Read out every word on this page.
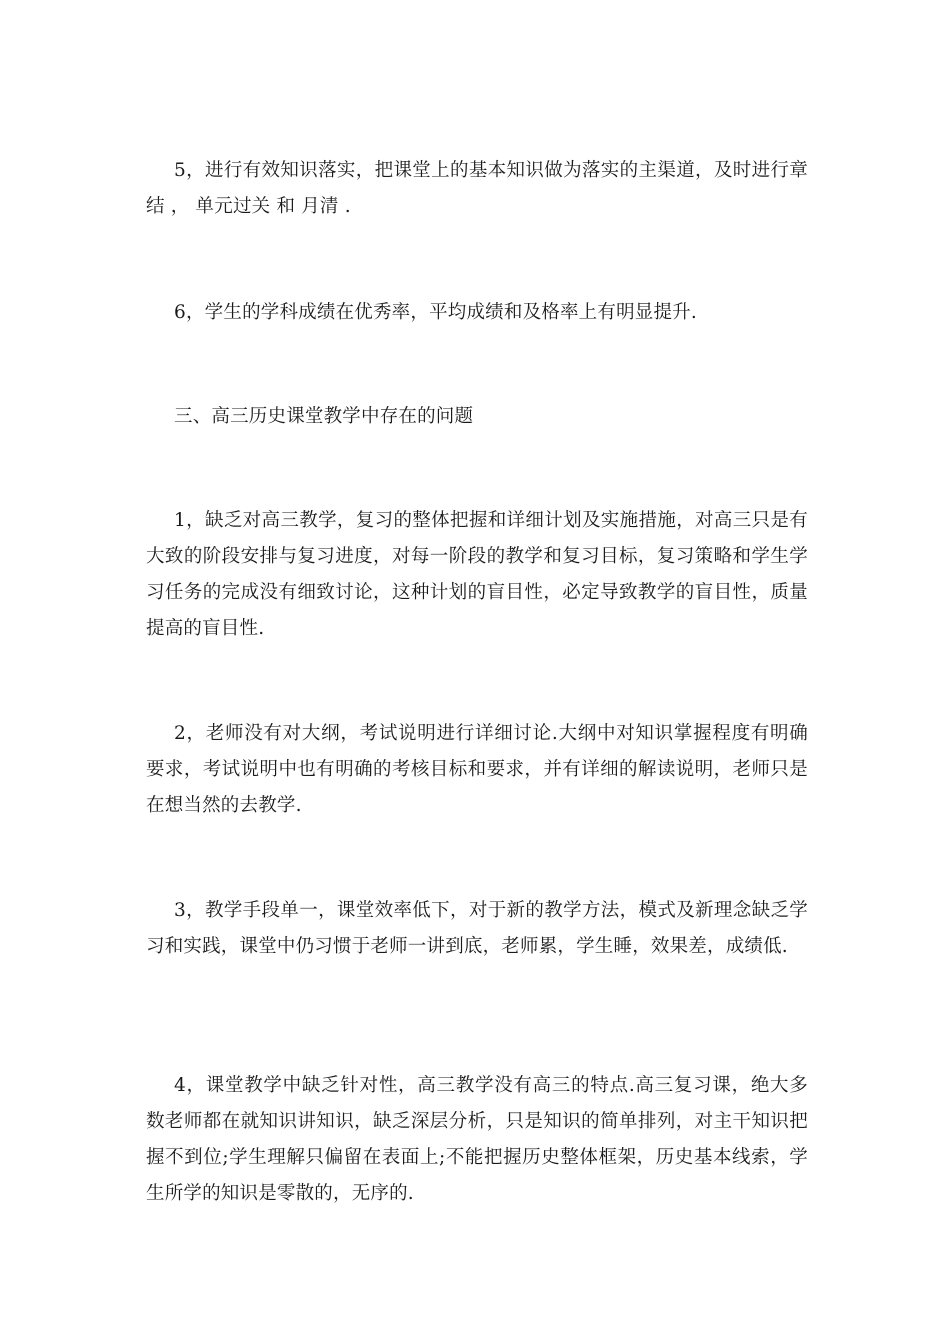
5，进行有效知识落实，把课堂上的基本知识做为落实的主渠道，及时进行章结 ， 单元过关 和 月清 .

6，学生的学科成绩在优秀率，平均成绩和及格率上有明显提升.

三、高三历史课堂教学中存在的问题

1，缺乏对高三教学，复习的整体把握和详细计划及实施措施，对高三只是有大致的阶段安排与复习进度，对每一阶段的教学和复习目标，复习策略和学生学习任务的完成没有细致讨论，这种计划的盲目性，必定导致教学的盲目性，质量提高的盲目性.

2，老师没有对大纲，考试说明进行详细讨论.大纲中对知识掌握程度有明确要求，考试说明中也有明确的考核目标和要求，并有详细的解读说明，老师只是在想当然的去教学.

3，教学手段单一，课堂效率低下，对于新的教学方法，模式及新理念缺乏学习和实践，课堂中仍习惯于老师一讲到底，老师累，学生睡，效果差，成绩低.

4，课堂教学中缺乏针对性，高三教学没有高三的特点.高三复习课，绝大多数老师都在就知识讲知识，缺乏深层分析，只是知识的简单排列，对主干知识把握不到位;学生理解只偏留在表面上;不能把握历史整体框架，历史基本线索，学生所学的知识是零散的，无序的.
